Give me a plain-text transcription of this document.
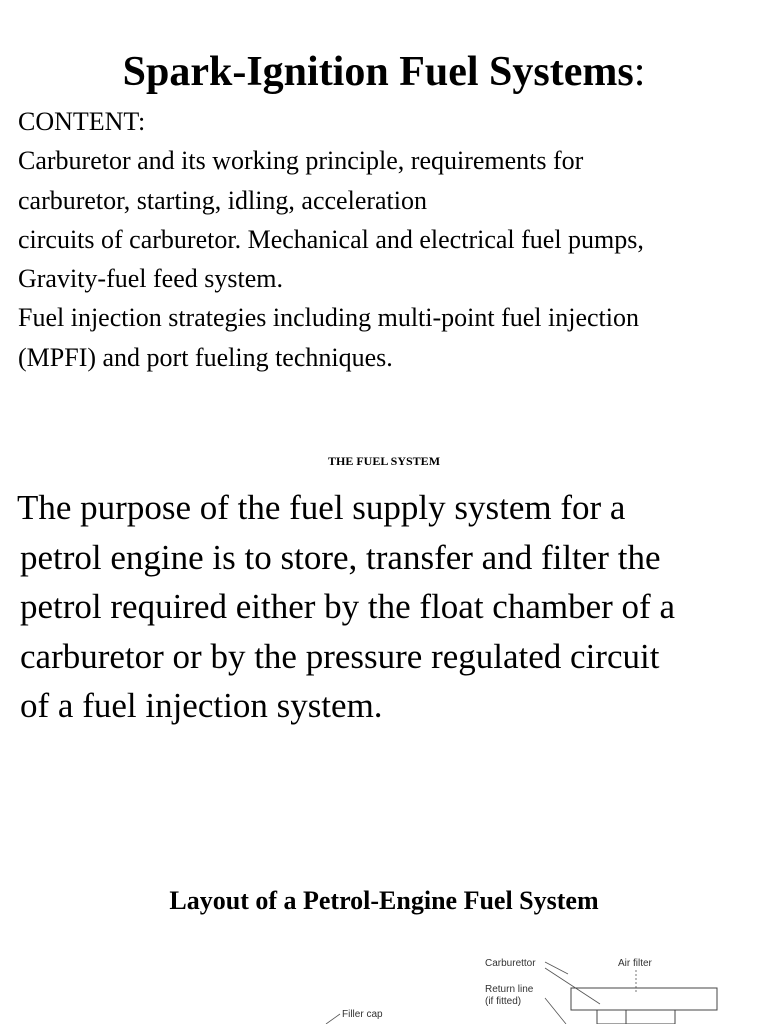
Spark-Ignition Fuel Systems:
CONTENT:
Carburetor and its working principle, requirements for
carburetor, starting, idling, acceleration
circuits of carburetor. Mechanical and electrical fuel pumps,
Gravity-fuel feed system.
Fuel injection strategies including multi-point fuel injection
(MPFI) and port fueling techniques.
THE FUEL SYSTEM
The purpose of the fuel supply system for a
petrol engine is to store, transfer and filter the
petrol required either by the float chamber of a
carburetor or by the pressure regulated circuit
of a fuel injection system.
Layout of a Petrol-Engine Fuel System
Carburettor	Air filter
Return line
(if fitted)
Filler cap
